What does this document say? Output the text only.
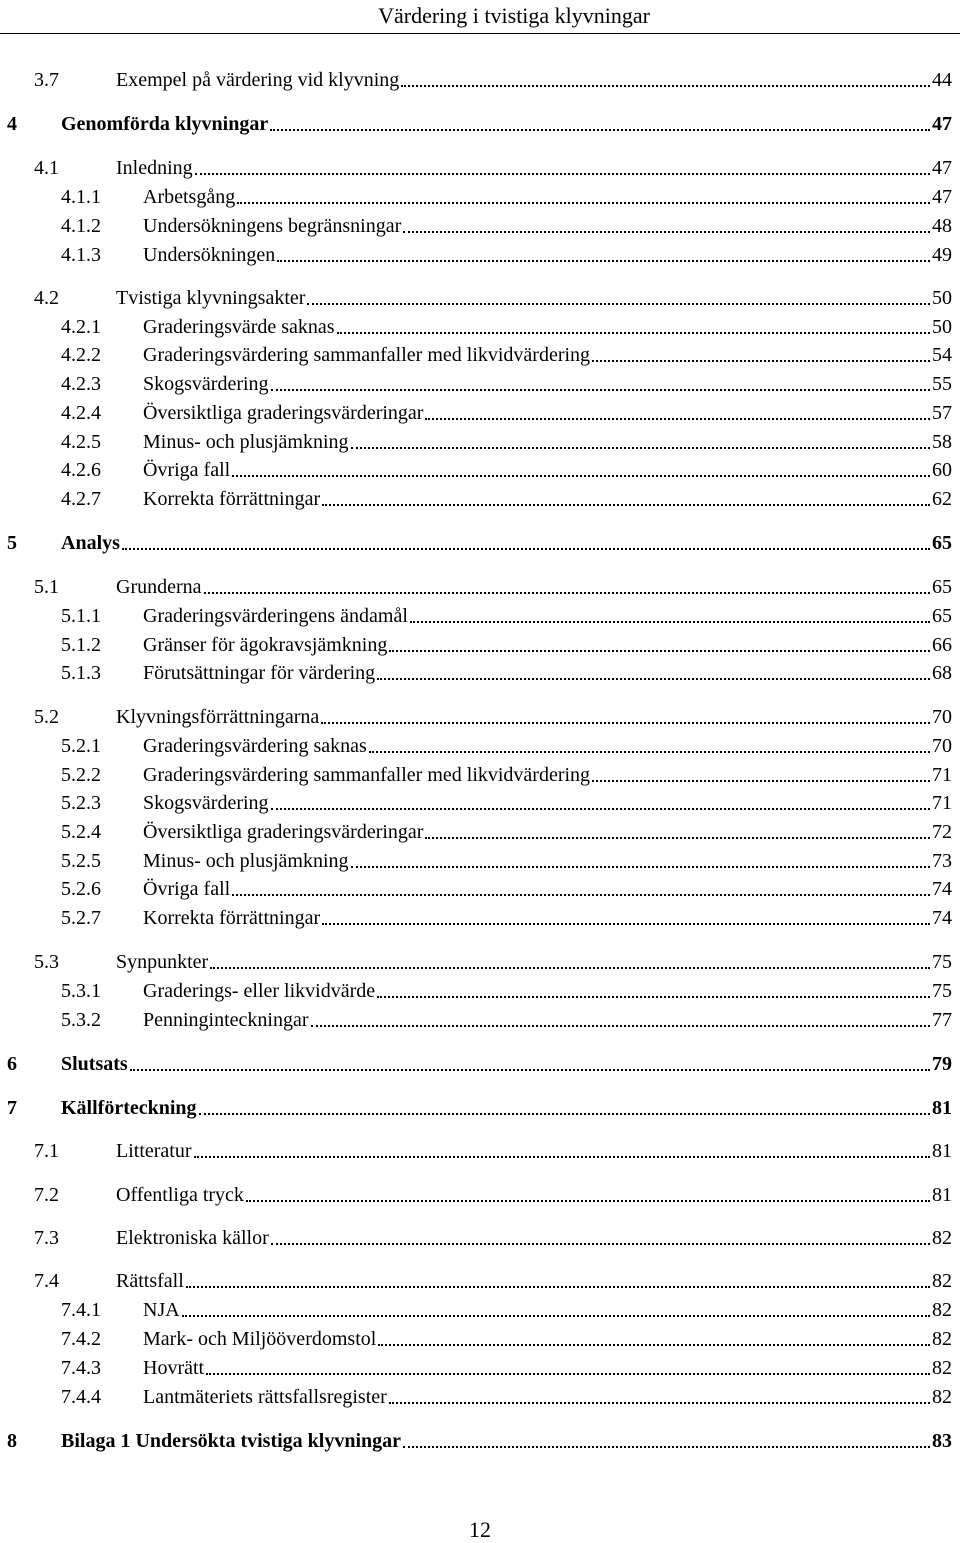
Värdering i tvistiga klyvningar
3.7	Exempel på värdering vid klyvning	44
4 Genomförda klyvningar	47
4.1	Inledning	47
4.1.1 Arbetsgång	47
4.1.2 Undersökningens begränsningar	48
4.1.3 Undersökningen	49
4.2	Tvistiga klyvningsakter	50
4.2.1 Graderingsvärde saknas	50
4.2.2 Graderingsvärdering sammanfaller med likvidvärdering	54
4.2.3 Skogsvärdering	55
4.2.4 Översiktliga graderingsvärderingar	57
4.2.5 Minus- och plusjämkning	58
4.2.6 Övriga fall	60
4.2.7 Korrekta förrättningar	62
5 Analys	65
5.1	Grunderna	65
5.1.1 Graderingsvärderingens ändamål	65
5.1.2 Gränser för ägokravsjämkning	66
5.1.3 Förutsättningar för värdering	68
5.2	Klyvningsförrättningarna	70
5.2.1 Graderingsvärdering saknas	70
5.2.2 Graderingsvärdering sammanfaller med likvidvärdering	71
5.2.3 Skogsvärdering	71
5.2.4 Översiktliga graderingsvärderingar	72
5.2.5 Minus- och plusjämkning	73
5.2.6 Övriga fall	74
5.2.7 Korrekta förrättningar	74
5.3	Synpunkter	75
5.3.1 Graderings- eller likvidvärde	75
5.3.2 Penninginteckningar	77
6 Slutsats	79
7 Källförteckning	81
7.1	Litteratur	81
7.2	Offentliga tryck	81
7.3	Elektroniska källor	82
7.4	Rättsfall	82
7.4.1 NJA	82
7.4.2 Mark- och Miljööverdomstol	82
7.4.3 Hovrätt	82
7.4.4 Lantmäteriets rättsfallsregister	82
8 Bilaga 1 Undersökta tvistiga klyvningar	83
12
